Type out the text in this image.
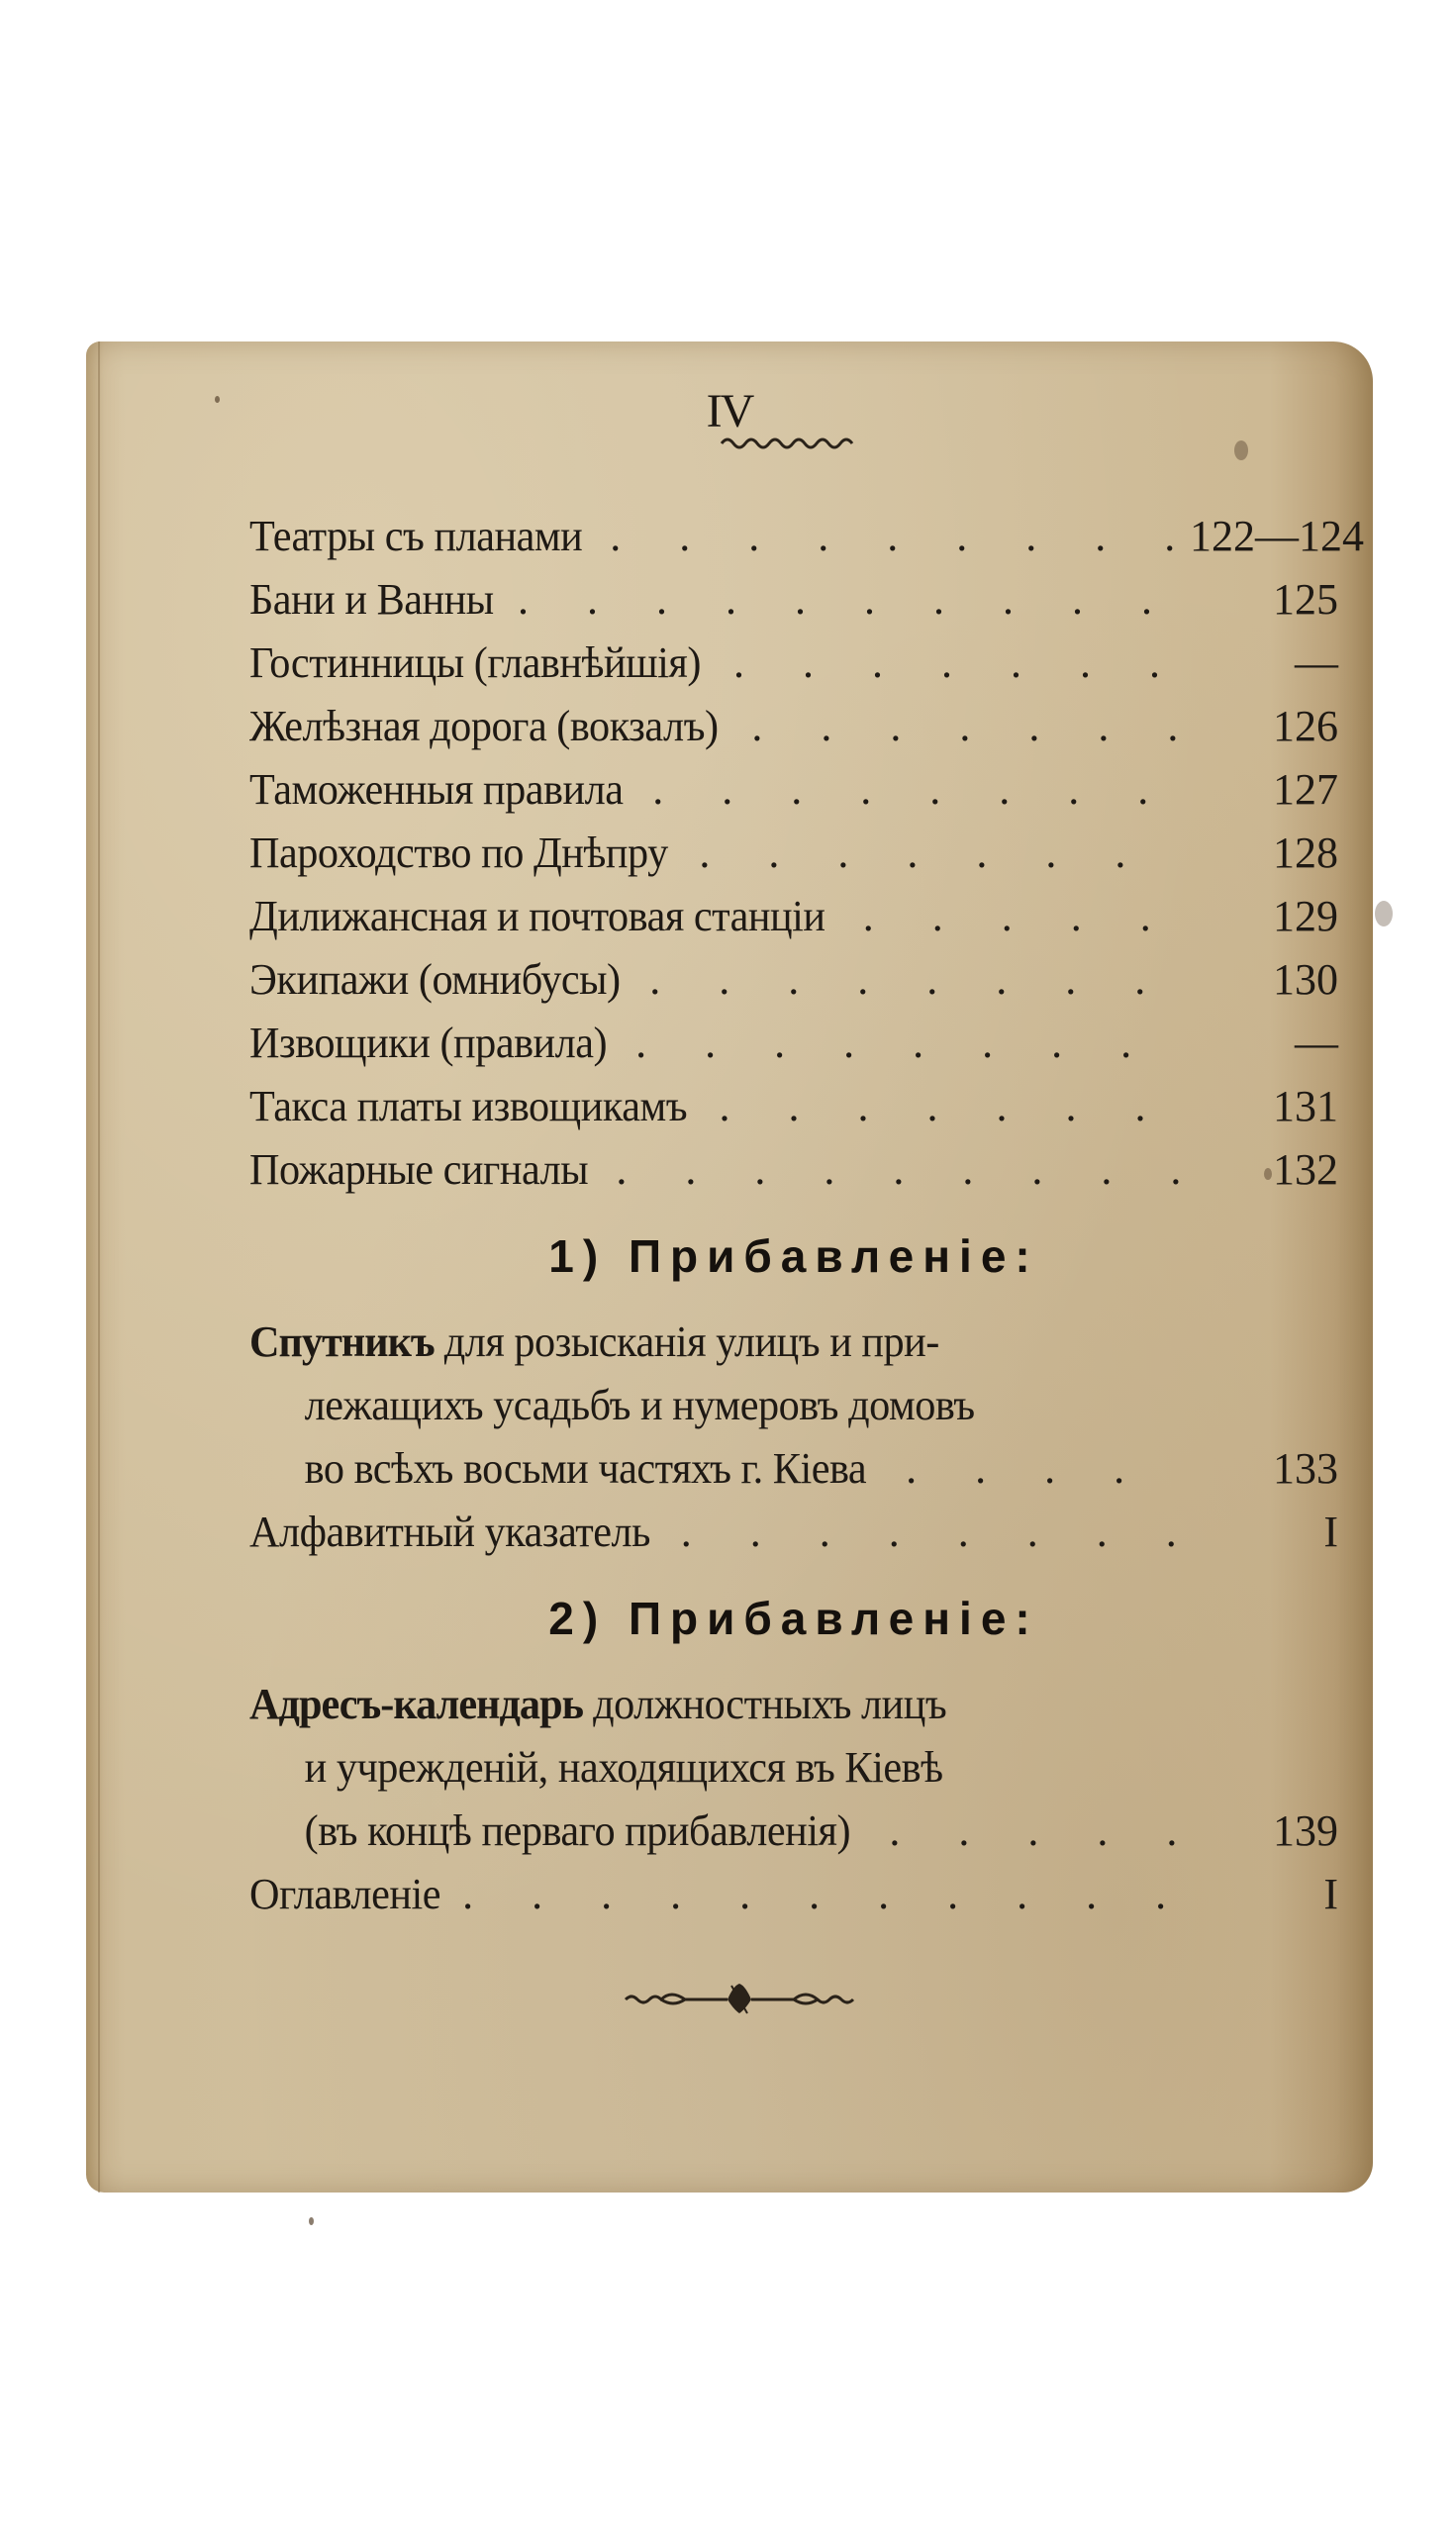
IV
Театры съ планами . . .	122—124
Бани и Ванны . . .	125
Гостинницы (главнѣйшія) . . .	—
Желѣзная дорога (вокзалъ) . . .	126
Таможенныя правила . . .	127
Пароходство по Днѣпру . . .	128
Дилижансная и почтовая станціи . . .	129
Экипажи (омнибусы) . . .	130
Извощики (правила) . . .	—
Такса платы извощикамъ . . .	131
Пожарные сигналы . . .	132
1) Прибавленіе:
Спутникъ для розысканія улицъ и при-
лежащихъ усадьбъ и нумеровъ домовъ
во всѣхъ восьми частяхъ г. Кіева . . .	133
Алфавитный указатель . . .	I
2) Прибавленіе:
Адресъ-календарь должностныхъ лицъ
и учрежденій, находящихся въ Кіевѣ
(въ концѣ перваго прибавленія) . . .	139
Оглавленіе . . .	I
